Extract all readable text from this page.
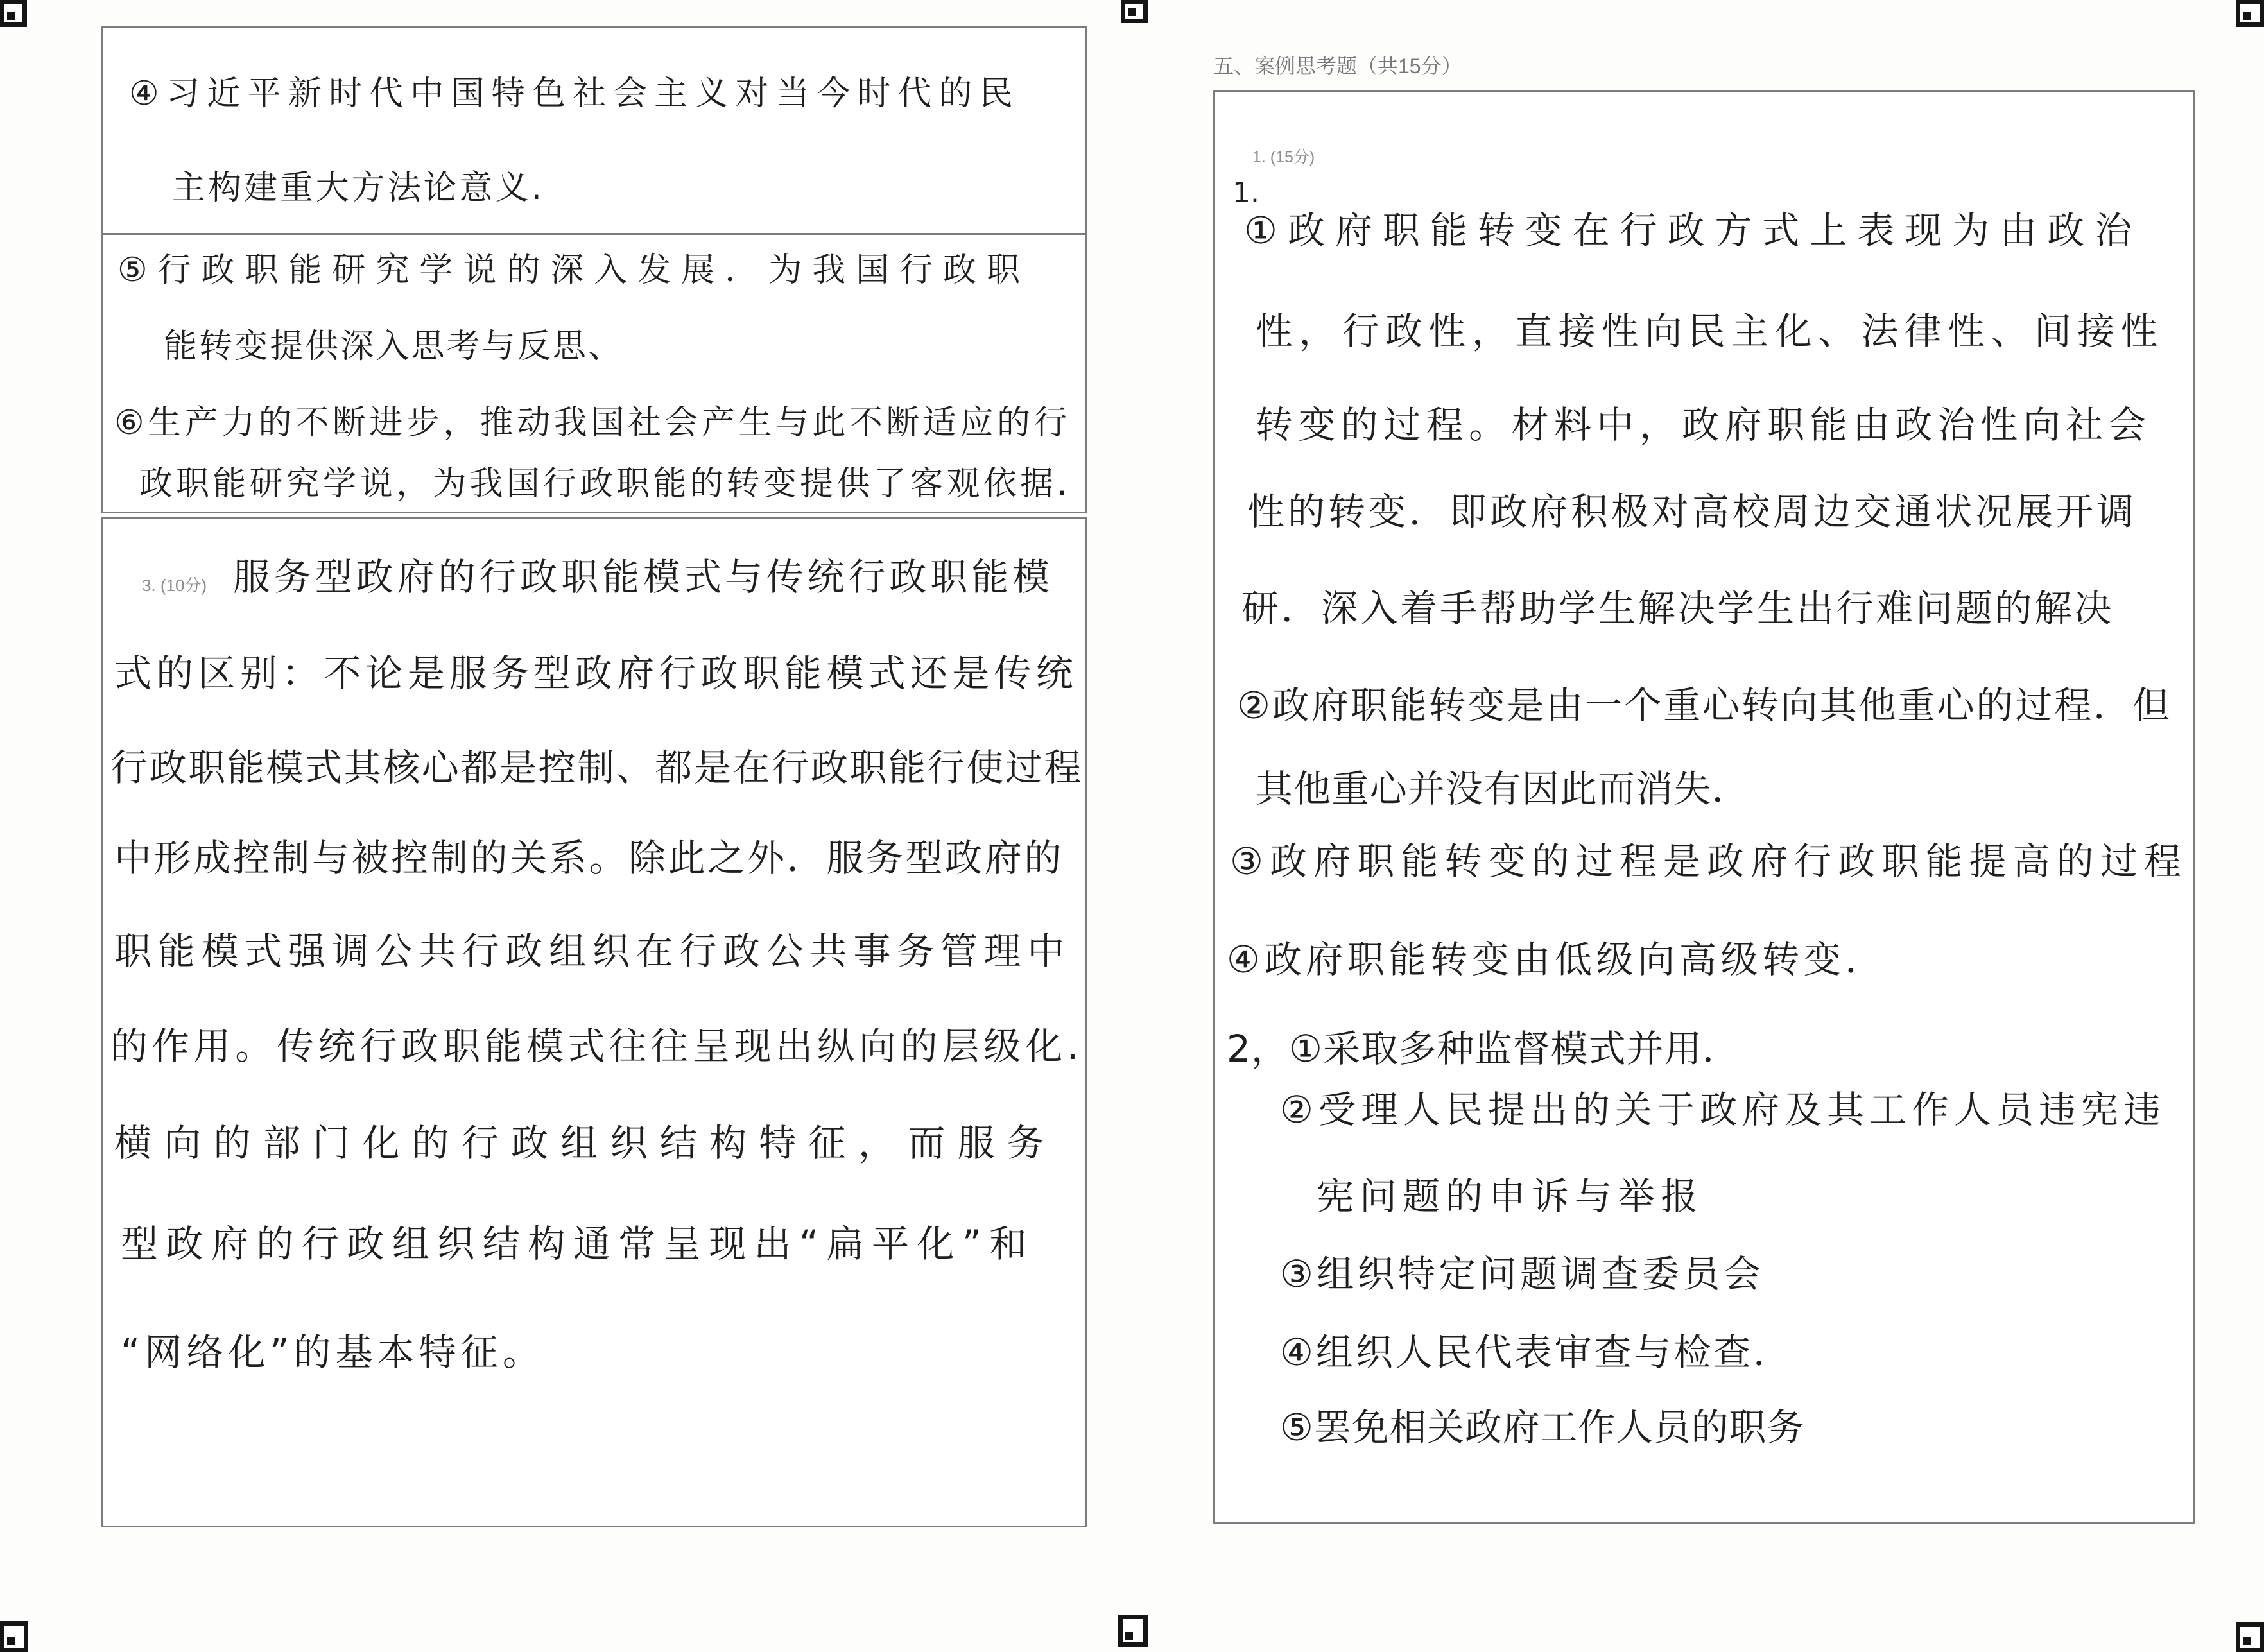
④习近平新时代中国特色社会主义对当今时代的民
主构建重大方法论意义.
⑤行政职能研究学说的深入发展．为我国行政职
能转变提供深入思考与反思、
⑥生产力的不断进步，推动我国社会产生与此不断适应的行
政职能研究学说，为我国行政职能的转变提供了客观依据.
3. (10分) 服务型政府的行政职能模式与传统行政职能模
式的区别：不论是服务型政府行政职能模式还是传统
行政职能模式其核心都是控制、都是在行政职能行使过程
中形成控制与被控制的关系。除此之外．服务型政府的
职能模式强调公共行政组织在行政公共事务管理中
的作用。传统行政职能模式往往呈现出纵向的层级化.
横向的部门化的行政组织结构特征，而服务
型政府的行政组织结构通常呈现出“扁平化”和
“网络化”的基本特征。
五、案例思考题（共15分）
1. (15分)
1.
①政府职能转变在行政方式上表现为由政治
性，行政性，直接性向民主化、法律性、间接性
转变的过程。材料中，政府职能由政治性向社会
性的转变．即政府积极对高校周边交通状况展开调
研．深入着手帮助学生解决学生出行难问题的解决
②政府职能转变是由一个重心转向其他重心的过程．但
其他重心并没有因此而消失．
③政府职能转变的过程是政府行政职能提高的过程
④政府职能转变由低级向高级转变．
2，①采取多种监督模式并用．
②受理人民提出的关于政府及其工作人员违宪违
宪问题的申诉与举报
③组织特定问题调查委员会
④组织人民代表审查与检查．
⑤罢免相关政府工作人员的职务
